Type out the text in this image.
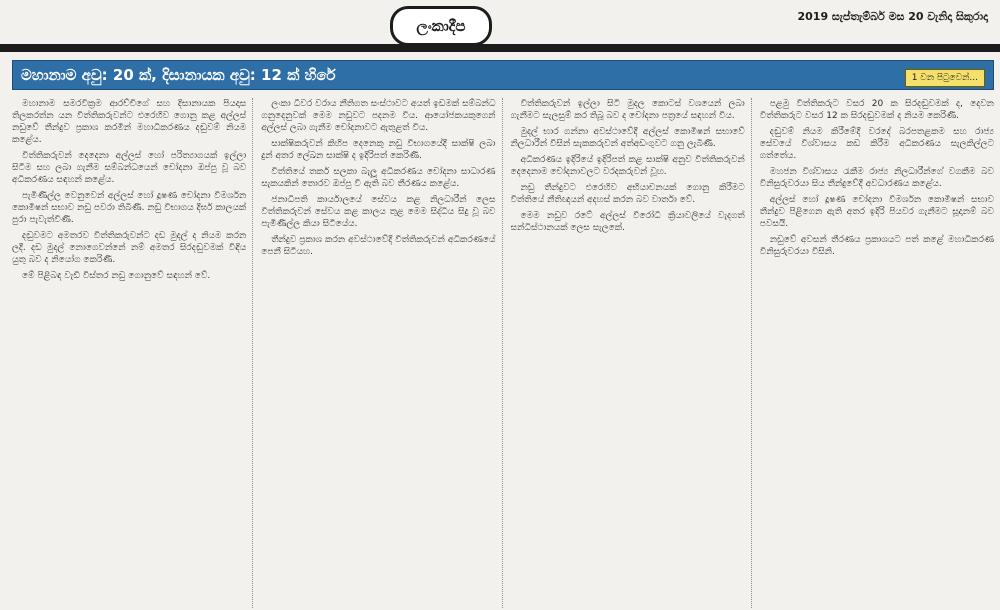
ලංකාදීප
2019 සැප්තැම්බර් මස 20 වැනිදා සිකුරාදා
මහානාම අවු: 20 ක්, දිසානායක අවු: 12 ක් හිරේ	1 වන පිටුවෙන්...

මහානාම සමරවික්‍රම ආරච්චිගේ සහ දිසානායක පියදාස තිලකරත්න යන විත්තිකරුවන්ට එරෙහිව ගොනු කළ අල්ලස් නඩුවේ තීන්දුව ප්‍රකාශ කරමින් මහාධිකරණය දඬුවම් නියම කළේය.

විත්තිකරුවන් දෙදෙනා අල්ලස් හෝ පරිත්‍යාගයක් ඉල්ලා සිටීම සහ ලබා ගැනීම සම්බන්ධයෙන් චෝදනා ඔප්පු වූ බව අධිකරණය සඳහන් කළේය.

පැමිණිල්ල වෙනුවෙන් අල්ලස් හෝ දූෂණ චෝදනා විමර්ශන කොමිෂන් සභාව නඩු පවරා තිබිණි. නඩු විභාගය දීර්ඝ කාලයක් පුරා පැවැත්විණි.

දඬුවමට අමතරව විත්තිකරුවන්ට දඩ මුදල් ද නියම කරන ලදී. දඩ මුදල් නොගෙවන්නේ නම් අමතර සිරදඬුවමක් විඳිය යුතු බව ද නියෝග කෙරිණි.

මේ පිළිබඳ වැඩි විස්තර නඩු ගොනුවේ සඳහන් වේ.

ලංකා ධීවර වරාය නීතිගත සංස්ථාවට අයත් ඉඩමක් සම්බන්ධ ගනුදෙනුවක් මෙම නඩුවට පදනම විය. ආයෝජකයකුගෙන් අල්ලස් ලබා ගැනීම චෝදනාවට ඇතුළත් විය.

සාක්ෂිකරුවන් කිහිප දෙනෙකු නඩු විභාගයේදී සාක්ෂි ලබා දුන් අතර ලේඛන සාක්ෂි ද ඉදිරිපත් කෙරිණි.

විත්තියේ තර්ක සලකා බැලූ අධිකරණය චෝදනා සාධාරණ සැකයකින් තොරව ඔප්පු වී ඇති බව තීරණය කළේය.

ජනාධිපති කාර්යාලයේ සේවය කළ නිලධාරීන් ලෙස විත්තිකරුවන් සේවය කළ කාලය තුළ මෙම සිද්ධිය සිදු වූ බව පැමිණිල්ල කියා සිටියේය.

තීන්දුව ප්‍රකාශ කරන අවස්ථාවේදී විත්තිකරුවන් අධිකරණයේ පෙනී සිටියහ.

විත්තිකරුවන් ඉල්ලා සිටි මුදල කොටස් වශයෙන් ලබා ගැනීමට සැලසුම් කර තිබූ බව ද චෝදනා පත්‍රයේ සඳහන් විය.

මුදල් භාර ගන්නා අවස්ථාවේදී අල්ලස් කොමිෂන් සභාවේ නිලධාරීන් විසින් සැකකරුවන් අත්අඩංගුවට ගනු ලැබිණි.

අධිකරණය ඉදිරියේ ඉදිරිපත් කළ සාක්ෂි අනුව විත්තිකරුවන් දෙදෙනාම චෝදනාවලට වරදකරුවන් වූහ.

නඩු තීන්දුවට එරෙහිව අභියාචනයක් ගොනු කිරීමට විත්තියේ නීතිඥයන් අදහස් කරන බව වාර්තා වේ.

මෙම නඩුව රටේ අල්ලස් විරෝධී ක්‍රියාවලියේ වැදගත් සන්ධිස්ථානයක් ලෙස සැලකේ.

පළමු විත්තිකරුට වසර 20 ක සිරදඬුවමක් ද, දෙවන විත්තිකරුට වසර 12 ක සිරදඬුවමක් ද නියම කෙරිණි.

දඬුවම් නියම කිරීමේදී වරදේ බරපතළකම සහ රාජ්‍ය සේවයේ විශ්වාසය කඩ කිරීම අධිකරණය සැලකිල්ලට ගත්තේය.

මහජන විශ්වාසය රැකීම රාජ්‍ය නිලධාරීන්ගේ වගකීම බව විනිසුරුවරයා සිය තීන්දුවේදී අවධාරණය කළේය.

අල්ලස් හෝ දූෂණ චෝදනා විමර්ශන කොමිෂන් සභාව තීන්දුව පිළිගෙන ඇති අතර ඉදිරි පියවර ගැනීමට සූදානම් බව පවසයි.

නඩුවේ අවසන් තීරණය ප්‍රකාශයට පත් කළේ මහාධිකරණ විනිසුරුවරයා විසිනි.
